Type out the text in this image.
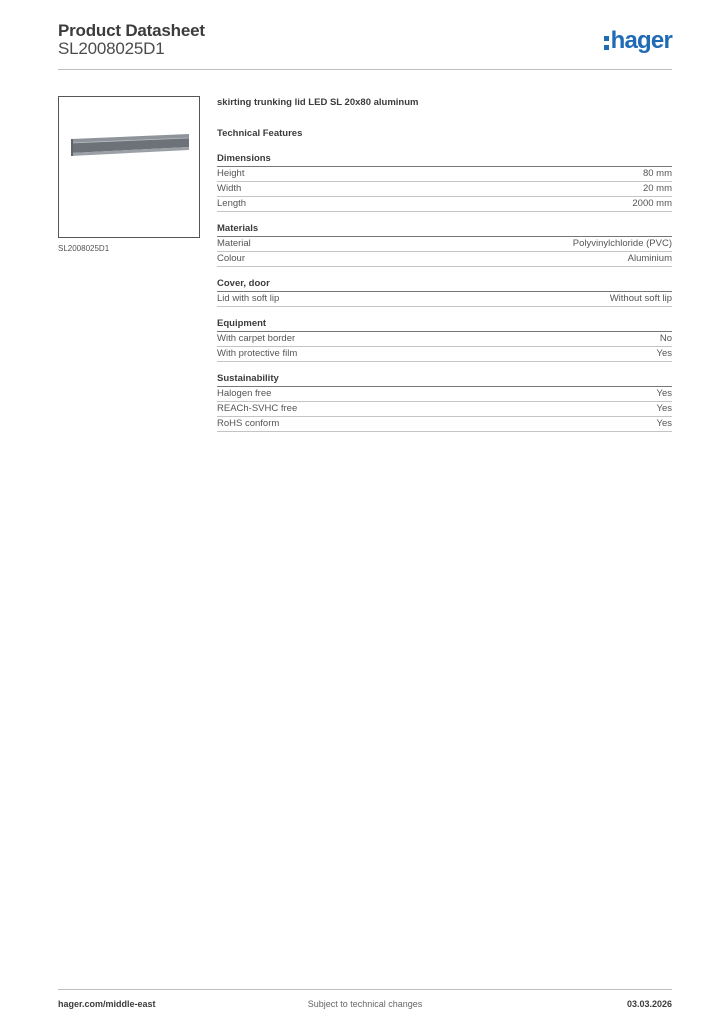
Product Datasheet
SL2008025D1	hager
SL2008025D1
skirting trunking lid LED SL 20x80 aluminum
Technical Features
Dimensions
Height	80 mm
Width	20 mm
Length	2000 mm
Materials
Material	Polyvinylchloride (PVC)
Colour	Aluminium
Cover, door
Lid with soft lip	Without soft lip
Equipment
With carpet border	No
With protective film	Yes
Sustainability
Halogen free	Yes
REACh-SVHC free	Yes
RoHS conform	Yes
hager.com/middle-east	Subject to technical changes	03.03.2026
